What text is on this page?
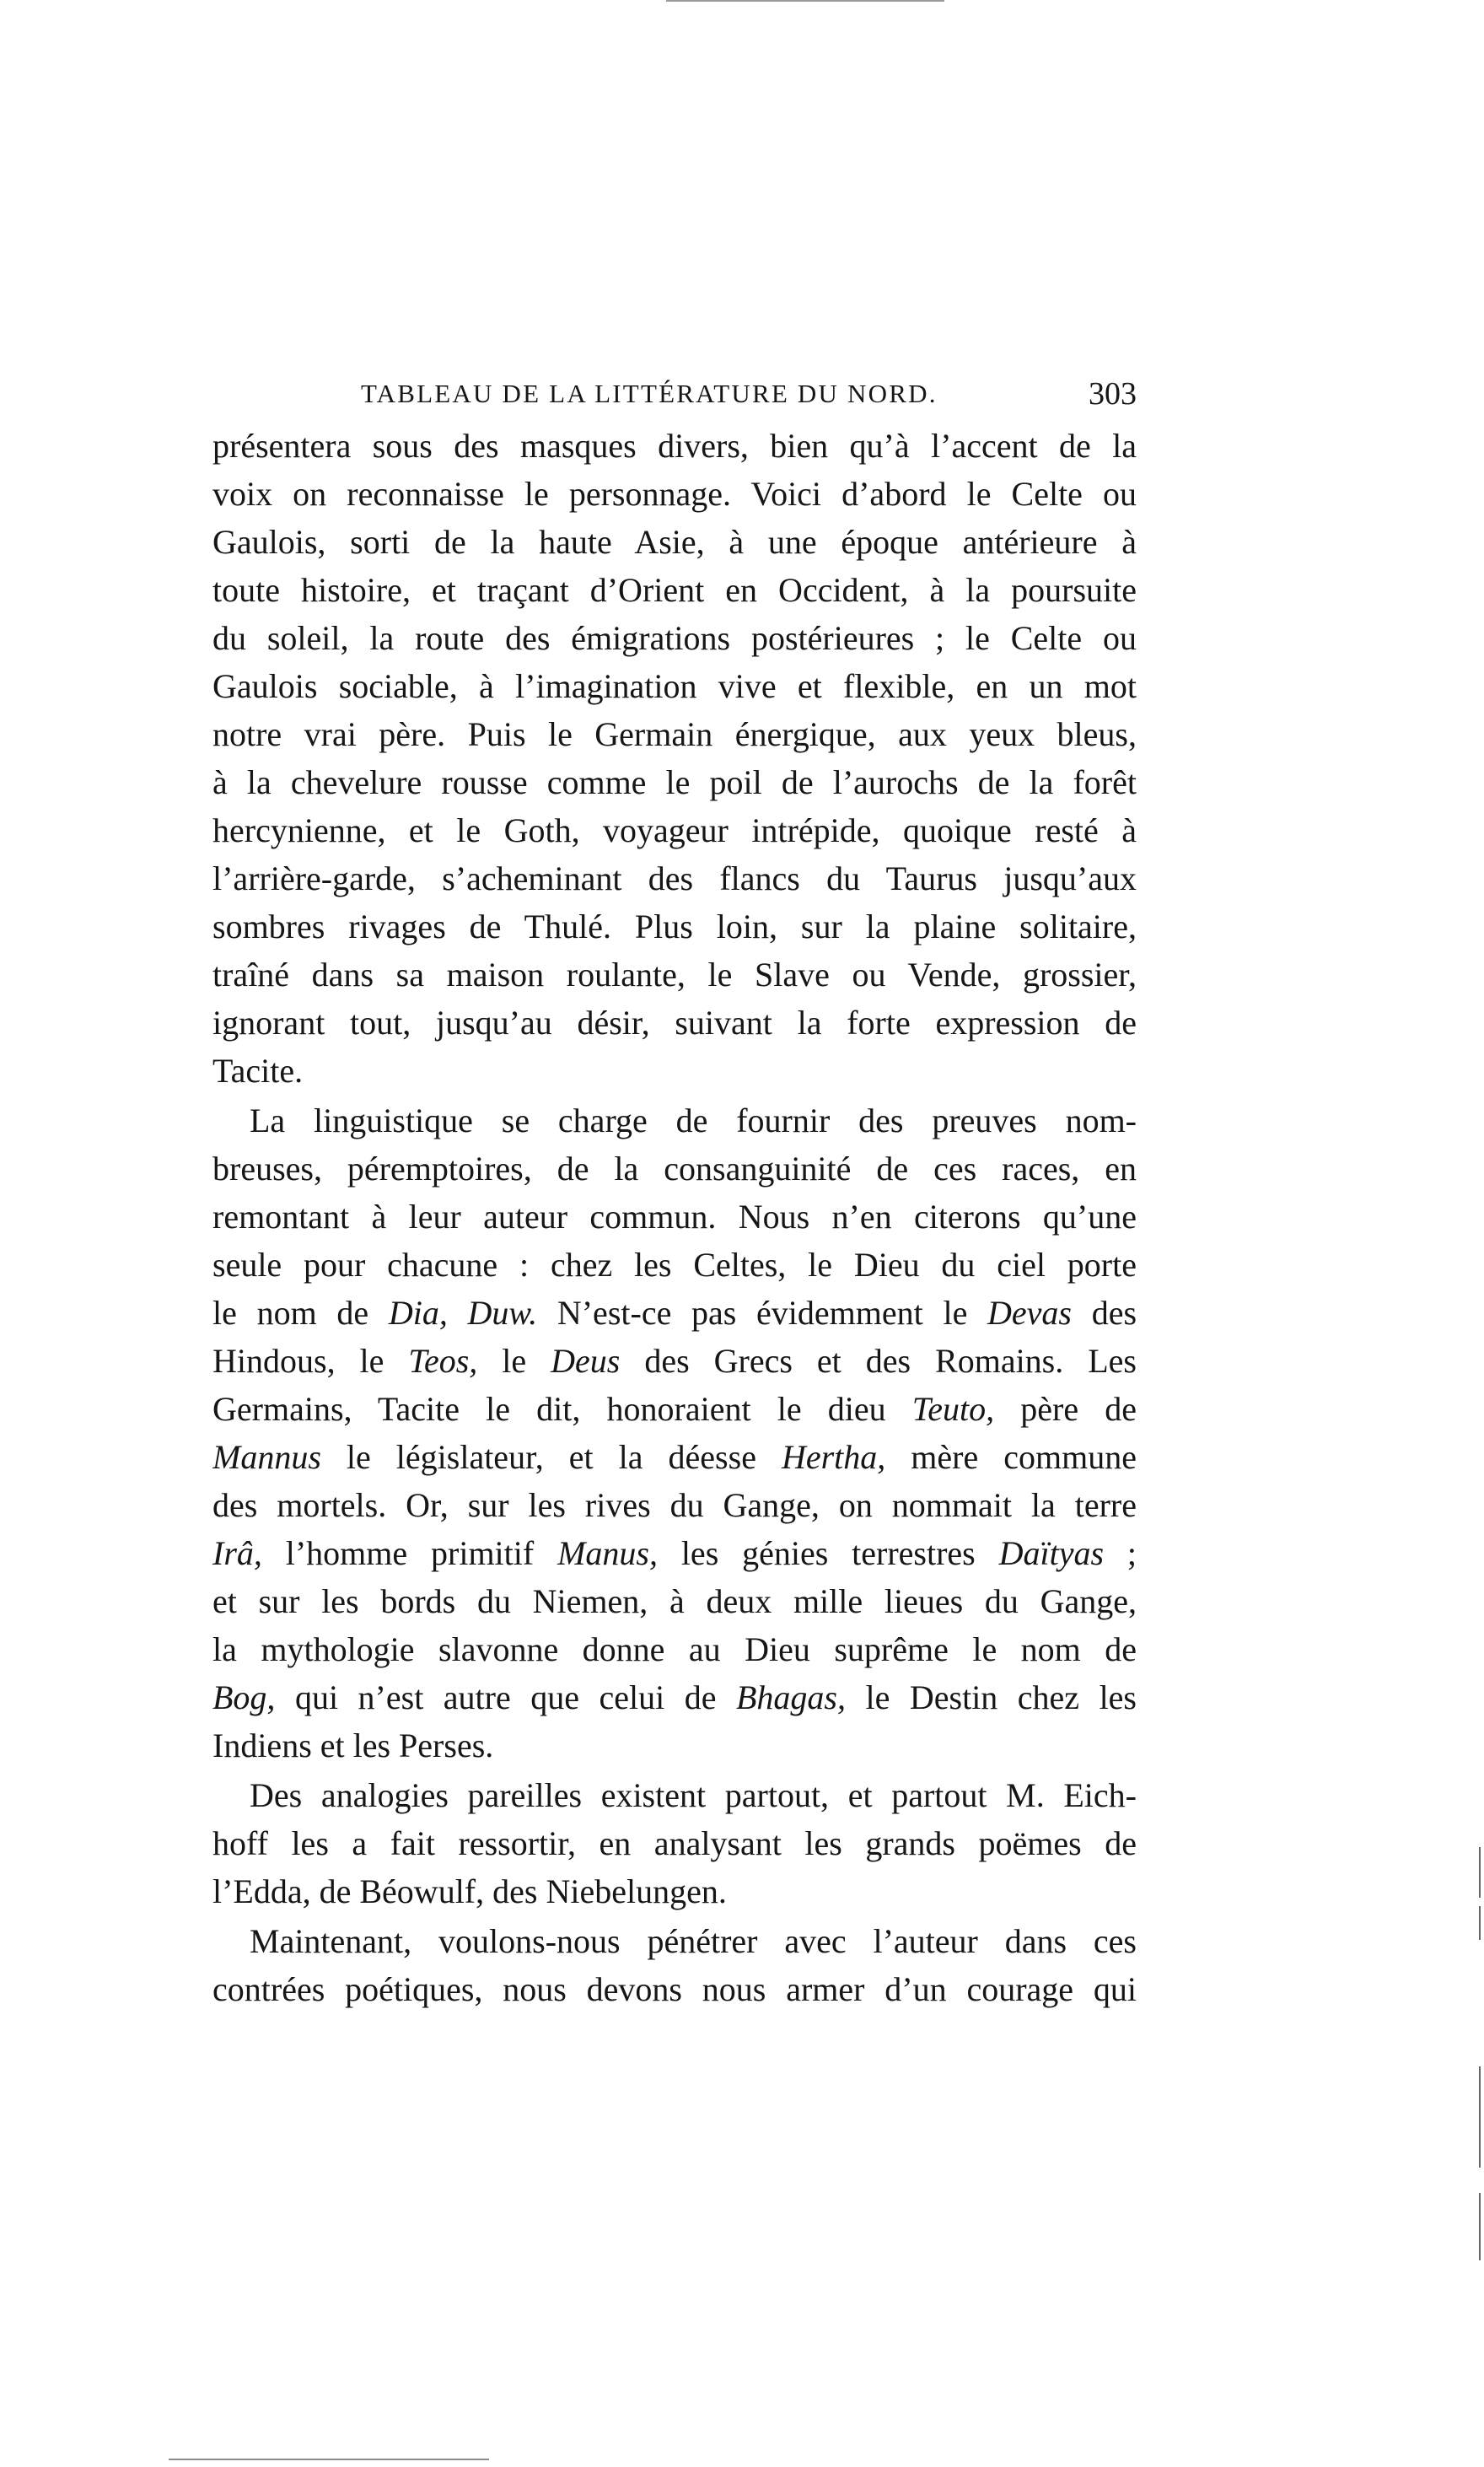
TABLEAU DE LA LITTÉRATURE DU NORD.	303
présentera sous des masques divers, bien qu’à l’accent de la
voix on reconnaisse le personnage. Voici d’abord le Celte ou
Gaulois, sorti de la haute Asie, à une époque antérieure à
toute histoire, et traçant d’Orient en Occident, à la poursuite
du soleil, la route des émigrations postérieures ; le Celte ou
Gaulois sociable, à l’imagination vive et flexible, en un mot
notre vrai père. Puis le Germain énergique, aux yeux bleus,
à la chevelure rousse comme le poil de l’aurochs de la forêt
hercynienne, et le Goth, voyageur intrépide, quoique resté à
l’arrière-garde, s’acheminant des flancs du Taurus jusqu’aux
sombres rivages de Thulé. Plus loin, sur la plaine solitaire,
traîné dans sa maison roulante, le Slave ou Vende, grossier,
ignorant tout, jusqu’au désir, suivant la forte expression de
Tacite.
La linguistique se charge de fournir des preuves nom-
breuses, péremptoires, de la consanguinité de ces races, en
remontant à leur auteur commun. Nous n’en citerons qu’une
seule pour chacune : chez les Celtes, le Dieu du ciel porte
le nom de Dia, Duw. N’est-ce pas évidemment le Devas des
Hindous, le Teos, le Deus des Grecs et des Romains. Les
Germains, Tacite le dit, honoraient le dieu Teuto, père de
Mannus le législateur, et la déesse Hertha, mère commune
des mortels. Or, sur les rives du Gange, on nommait la terre
Irâ, l’homme primitif Manus, les génies terrestres Daïtyas ;
et sur les bords du Niemen, à deux mille lieues du Gange,
la mythologie slavonne donne au Dieu suprême le nom de
Bog, qui n’est autre que celui de Bhagas, le Destin chez les
Indiens et les Perses.
Des analogies pareilles existent partout, et partout M. Eich-
hoff les a fait ressortir, en analysant les grands poëmes de
l’Edda, de Béowulf, des Niebelungen.
Maintenant, voulons-nous pénétrer avec l’auteur dans ces
contrées poétiques, nous devons nous armer d’un courage qui
